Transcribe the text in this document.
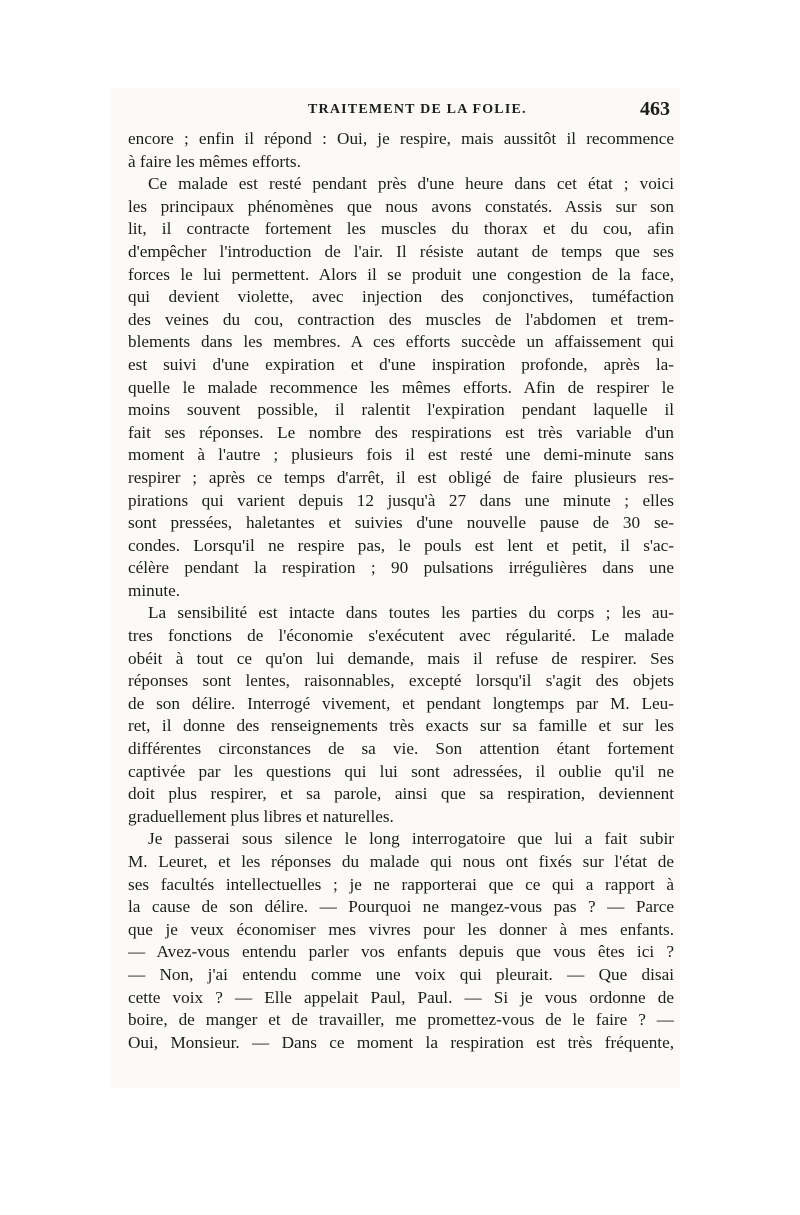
TRAITEMENT DE LA FOLIE.	463
encore ; enfin il répond : Oui, je respire, mais aussitôt il recommence
à faire les mêmes efforts.
Ce malade est resté pendant près d'une heure dans cet état ; voici
les principaux phénomènes que nous avons constatés. Assis sur son
lit, il contracte fortement les muscles du thorax et du cou, afin
d'empêcher l'introduction de l'air. Il résiste autant de temps que ses
forces le lui permettent. Alors il se produit une congestion de la face,
qui devient violette, avec injection des conjonctives, tuméfaction
des veines du cou, contraction des muscles de l'abdomen et trem-
blements dans les membres. A ces efforts succède un affaissement qui
est suivi d'une expiration et d'une inspiration profonde, après la-
quelle le malade recommence les mêmes efforts. Afin de respirer le
moins souvent possible, il ralentit l'expiration pendant laquelle il
fait ses réponses. Le nombre des respirations est très variable d'un
moment à l'autre ; plusieurs fois il est resté une demi-minute sans
respirer ; après ce temps d'arrêt, il est obligé de faire plusieurs res-
pirations qui varient depuis 12 jusqu'à 27 dans une minute ; elles
sont pressées, haletantes et suivies d'une nouvelle pause de 30 se-
condes. Lorsqu'il ne respire pas, le pouls est lent et petit, il s'ac-
célère pendant la respiration ; 90 pulsations irrégulières dans une
minute.
La sensibilité est intacte dans toutes les parties du corps ; les au-
tres fonctions de l'économie s'exécutent avec régularité. Le malade
obéit à tout ce qu'on lui demande, mais il refuse de respirer. Ses
réponses sont lentes, raisonnables, excepté lorsqu'il s'agit des objets
de son délire. Interrogé vivement, et pendant longtemps par M. Leu-
ret, il donne des renseignements très exacts sur sa famille et sur les
différentes circonstances de sa vie. Son attention étant fortement
captivée par les questions qui lui sont adressées, il oublie qu'il ne
doit plus respirer, et sa parole, ainsi que sa respiration, deviennent
graduellement plus libres et naturelles.
Je passerai sous silence le long interrogatoire que lui a fait subir
M. Leuret, et les réponses du malade qui nous ont fixés sur l'état de
ses facultés intellectuelles ; je ne rapporterai que ce qui a rapport à
la cause de son délire. — Pourquoi ne mangez-vous pas ? — Parce
que je veux économiser mes vivres pour les donner à mes enfants.
— Avez-vous entendu parler vos enfants depuis que vous êtes ici ?
— Non, j'ai entendu comme une voix qui pleurait. — Que disai
cette voix ? — Elle appelait Paul, Paul. — Si je vous ordonne de
boire, de manger et de travailler, me promettez-vous de le faire ? —
Oui, Monsieur. — Dans ce moment la respiration est très fréquente,
